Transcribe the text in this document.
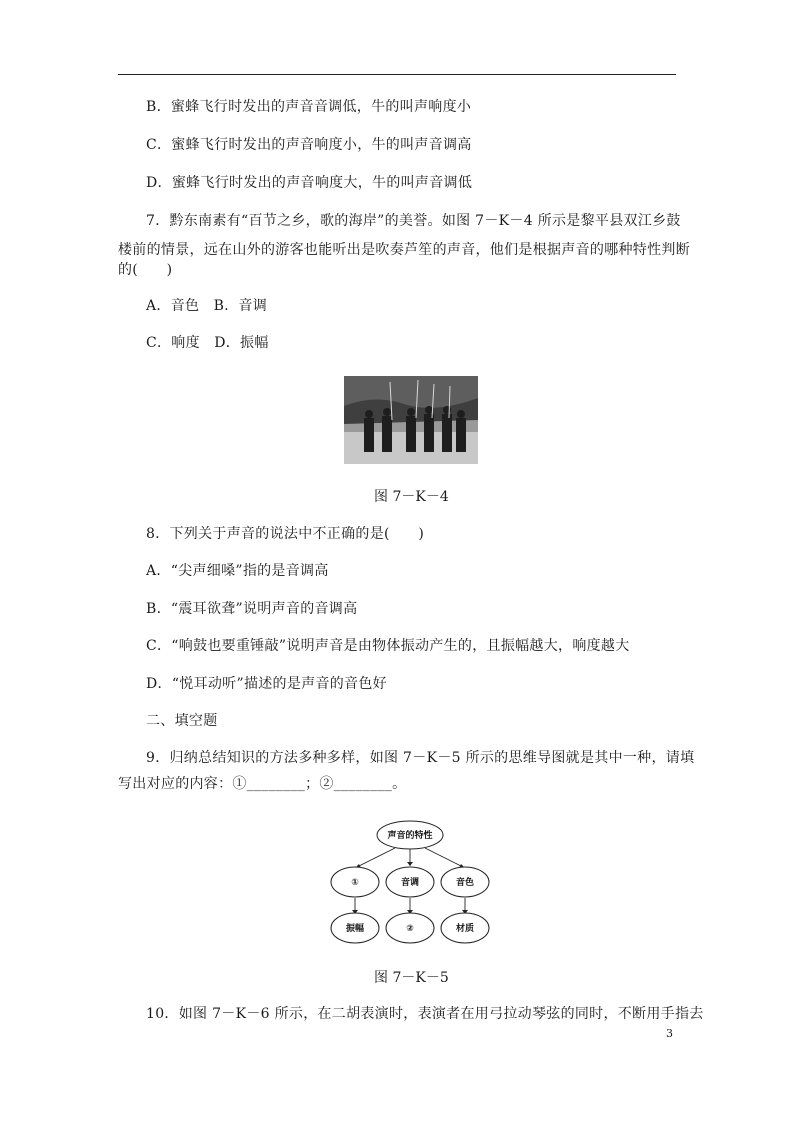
B．蜜蜂飞行时发出的声音音调低，牛的叫声响度小
C．蜜蜂飞行时发出的声音响度小，牛的叫声音调高
D．蜜蜂飞行时发出的声音响度大，牛的叫声音调低
7．黔东南素有“百节之乡，歌的海岸”的美誉。如图 7－K－4 所示是黎平县双江乡鼓
楼前的情景，远在山外的游客也能听出是吹奏芦笙的声音，他们是根据声音的哪种特性判断
的(　　)
A．音色　B．音调
C．响度　D．振幅
图 7－K－4
8．下列关于声音的说法中不正确的是(　　)
A．“尖声细嗓”指的是音调高
B．“震耳欲聋”说明声音的音调高
C．“响鼓也要重锤敲”说明声音是由物体振动产生的，且振幅越大，响度越大
D．“悦耳动听”描述的是声音的音色好
二、填空题
9．归纳总结知识的方法多种多样，如图 7－K－5 所示的思维导图就是其中一种，请填
写出对应的内容：①________；②________。
声音的特性
①	音调	音色
振幅	②	材质
图 7－K－5
10．如图 7－K－6 所示，在二胡表演时，表演者在用弓拉动琴弦的同时，不断用手指去
3
